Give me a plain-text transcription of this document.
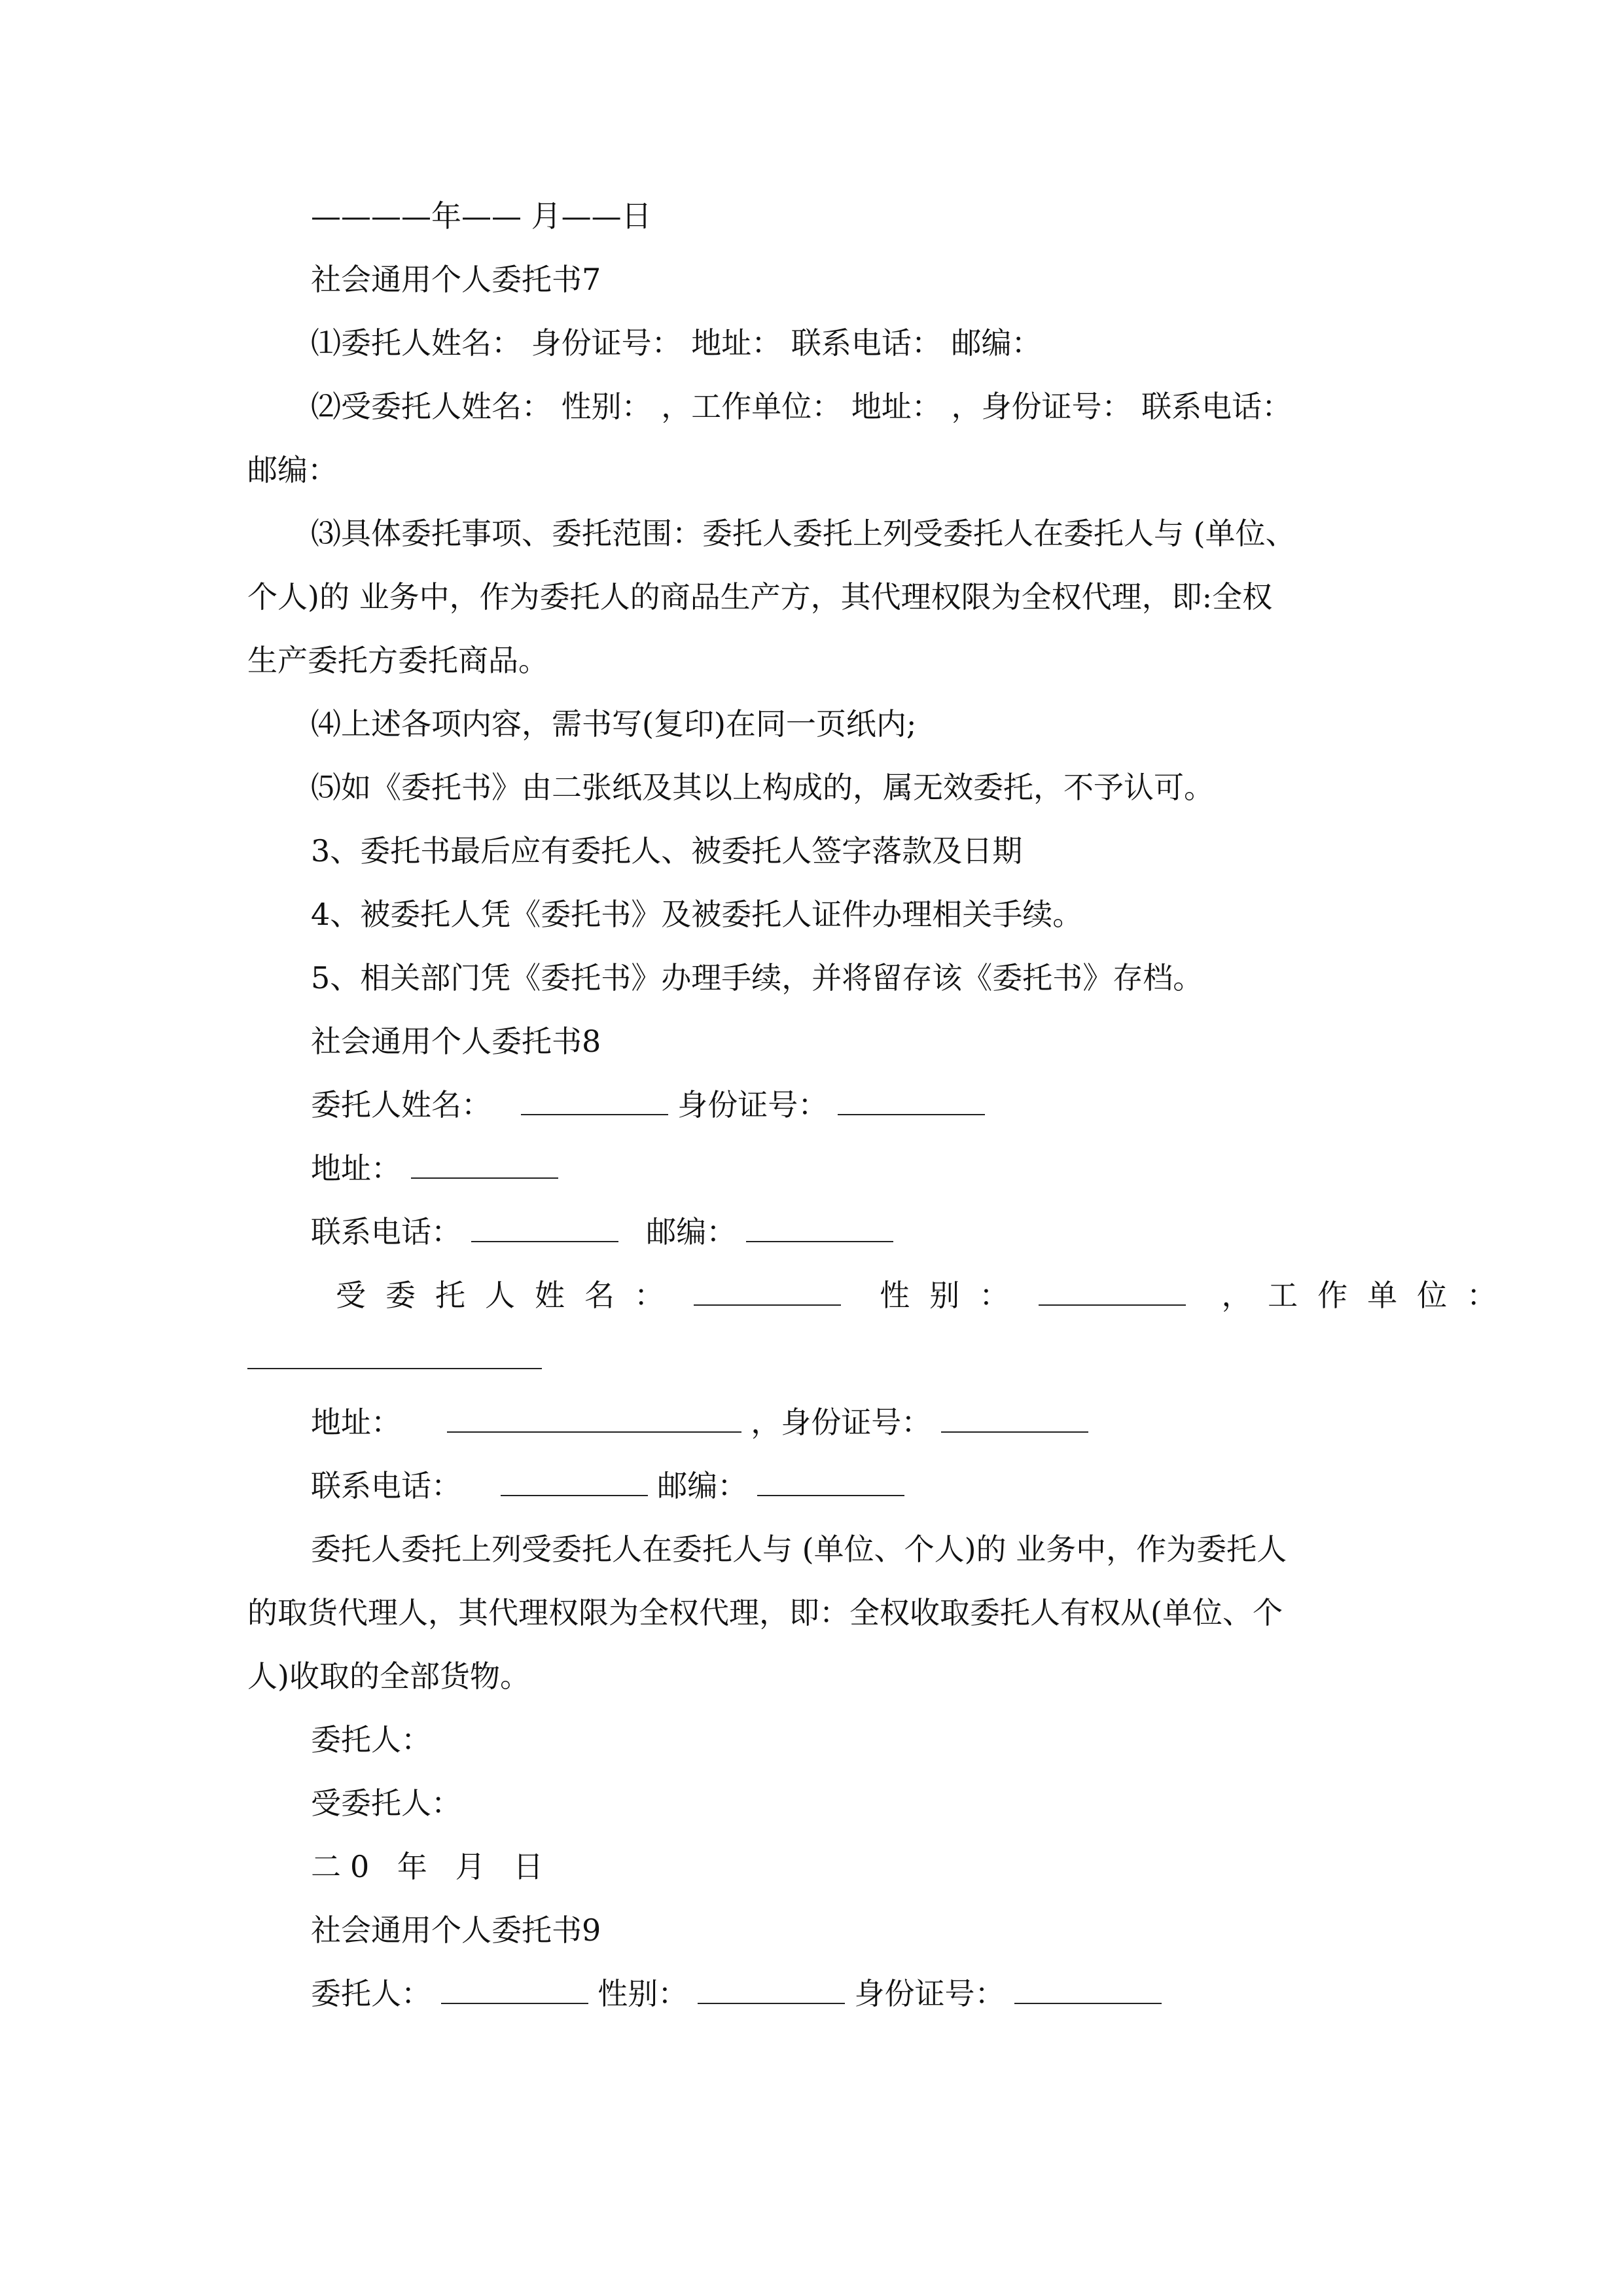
————年—— 月——日
社会通用个人委托书7
⑴委托人姓名： 身份证号： 地址： 联系电话： 邮编：
⑵受委托人姓名： 性别： ，工作单位： 地址： ，身份证号： 联系电话：
邮编：
⑶具体委托事项、委托范围：委托人委托上列受委托人在委托人与 (单位、
个人)的 业务中，作为委托人的商品生产方，其代理权限为全权代理，即:全权
生产委托方委托商品。
⑷上述各项内容，需书写(复印)在同一页纸内;
⑸如《委托书》由二张纸及其以上构成的，属无效委托，不予认可。
3、委托书最后应有委托人、被委托人签字落款及日期
4、被委托人凭《委托书》及被委托人证件办理相关手续。
5、相关部门凭《委托书》办理手续，并将留存该《委托书》存档。
社会通用个人委托书8
委托人姓名：	身份证号：
地址：
联系电话：	邮编：
受委托人姓名：	性别：	， 工作单位：
地址：	，身份证号：
联系电话：	邮编：
委托人委托上列受委托人在委托人与 (单位、个人)的 业务中，作为委托人
的取货代理人，其代理权限为全权代理，即：全权收取委托人有权从(单位、个
人)收取的全部货物。
委托人：
受委托人：
二0 年 月 日
社会通用个人委托书9
委托人：	性别：	身份证号：
